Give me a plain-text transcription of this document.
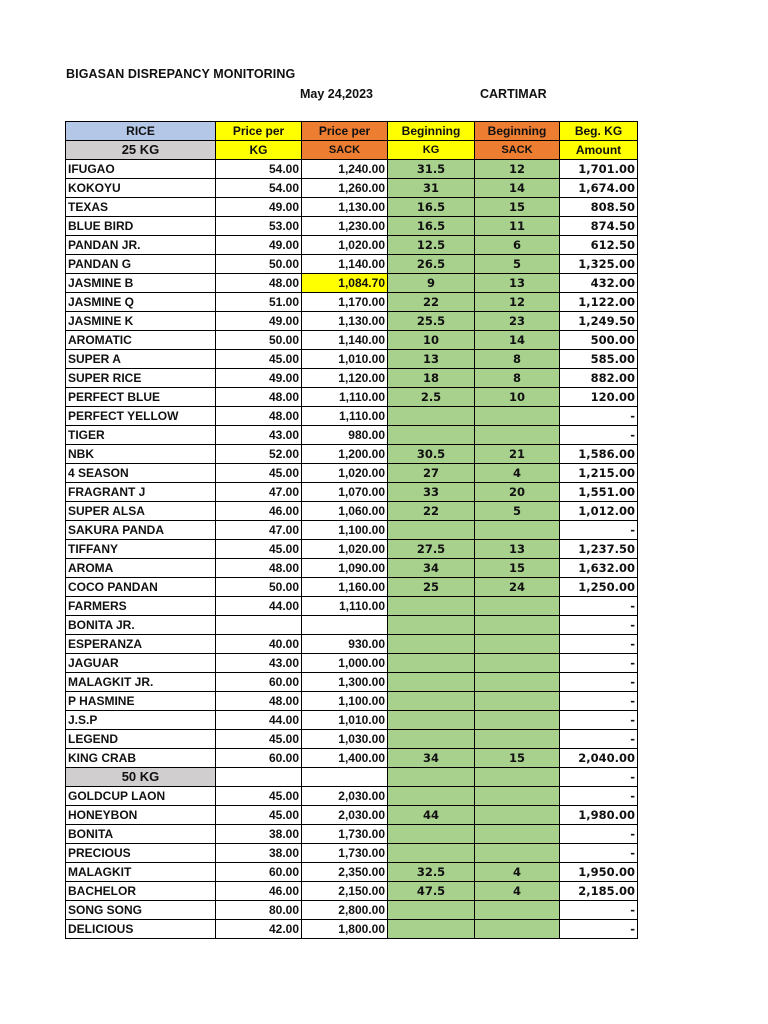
BIGASAN DISREPANCY MONITORING
May 24,2023	CARTIMAR
RICE	Price per	Price per	Beginning	Beginning	Beg. KG
25 KG	KG	SACK	KG	SACK	Amount
IFUGAO	54.00	1,240.00	31.5	12	1,701.00
KOKOYU	54.00	1,260.00	31	14	1,674.00
TEXAS	49.00	1,130.00	16.5	15	808.50
BLUE BIRD	53.00	1,230.00	16.5	11	874.50
PANDAN JR.	49.00	1,020.00	12.5	6	612.50
PANDAN G	50.00	1,140.00	26.5	5	1,325.00
JASMINE B	48.00	1,084.70	9	13	432.00
JASMINE Q	51.00	1,170.00	22	12	1,122.00
JASMINE K	49.00	1,130.00	25.5	23	1,249.50
AROMATIC	50.00	1,140.00	10	14	500.00
SUPER A	45.00	1,010.00	13	8	585.00
SUPER RICE	49.00	1,120.00	18	8	882.00
PERFECT BLUE	48.00	1,110.00	2.5	10	120.00
PERFECT YELLOW	48.00	1,110.00			-
TIGER	43.00	980.00			-
NBK	52.00	1,200.00	30.5	21	1,586.00
4 SEASON	45.00	1,020.00	27	4	1,215.00
FRAGRANT J	47.00	1,070.00	33	20	1,551.00
SUPER ALSA	46.00	1,060.00	22	5	1,012.00
SAKURA PANDA	47.00	1,100.00			-
TIFFANY	45.00	1,020.00	27.5	13	1,237.50
AROMA	48.00	1,090.00	34	15	1,632.00
COCO PANDAN	50.00	1,160.00	25	24	1,250.00
FARMERS	44.00	1,110.00			-
BONITA JR.					-
ESPERANZA	40.00	930.00			-
JAGUAR	43.00	1,000.00			-
MALAGKIT JR.	60.00	1,300.00			-
P HASMINE	48.00	1,100.00			-
J.S.P	44.00	1,010.00			-
LEGEND	45.00	1,030.00			-
KING CRAB	60.00	1,400.00	34	15	2,040.00
50 KG					-
GOLDCUP LAON	45.00	2,030.00			-
HONEYBON	45.00	2,030.00	44		1,980.00
BONITA	38.00	1,730.00			-
PRECIOUS	38.00	1,730.00			-
MALAGKIT	60.00	2,350.00	32.5	4	1,950.00
BACHELOR	46.00	2,150.00	47.5	4	2,185.00
SONG SONG	80.00	2,800.00			-
DELICIOUS	42.00	1,800.00			-
